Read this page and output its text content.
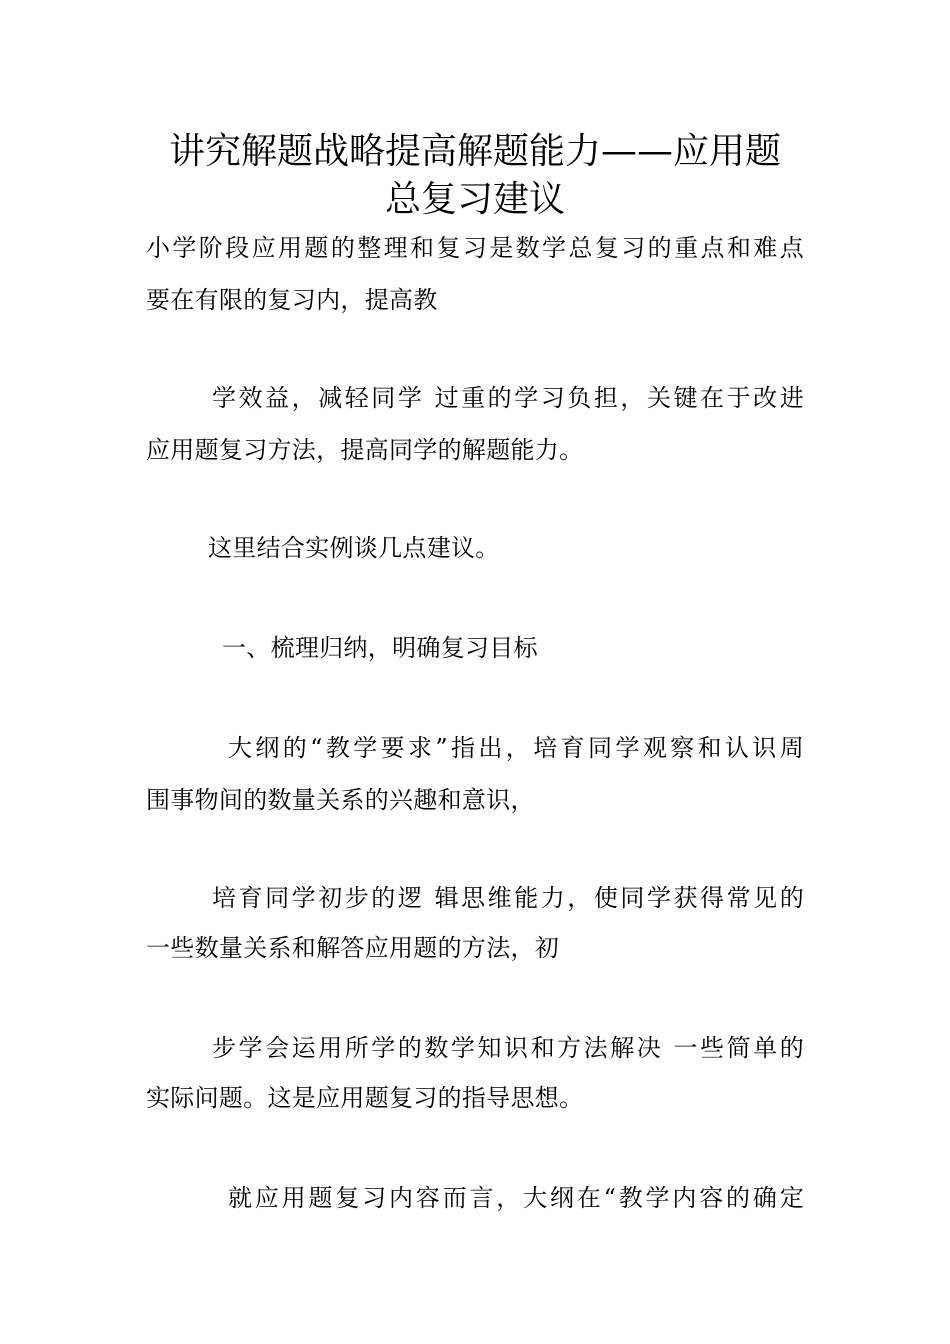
讲究解题战略提高解题能力——应用题
总复习建议
小学阶段应用题的整理和复习是数学总复习的重点和难点
要在有限的复习内，提高教
学效益，减轻同学 过重的学习负担，关键在于改进
应用题复习方法，提高同学的解题能力。
这里结合实例谈几点建议。
一、梳理归纳，明确复习目标
大纲的“教学要求”指出，培育同学观察和认识周
围事物间的数量关系的兴趣和意识，
培育同学初步的逻 辑思维能力，使同学获得常见的
一些数量关系和解答应用题的方法，初
步学会运用所学的数学知识和方法解决 一些简单的
实际问题。这是应用题复习的指导思想。
就应用题复习内容而言，大纲在“教学内容的确定
